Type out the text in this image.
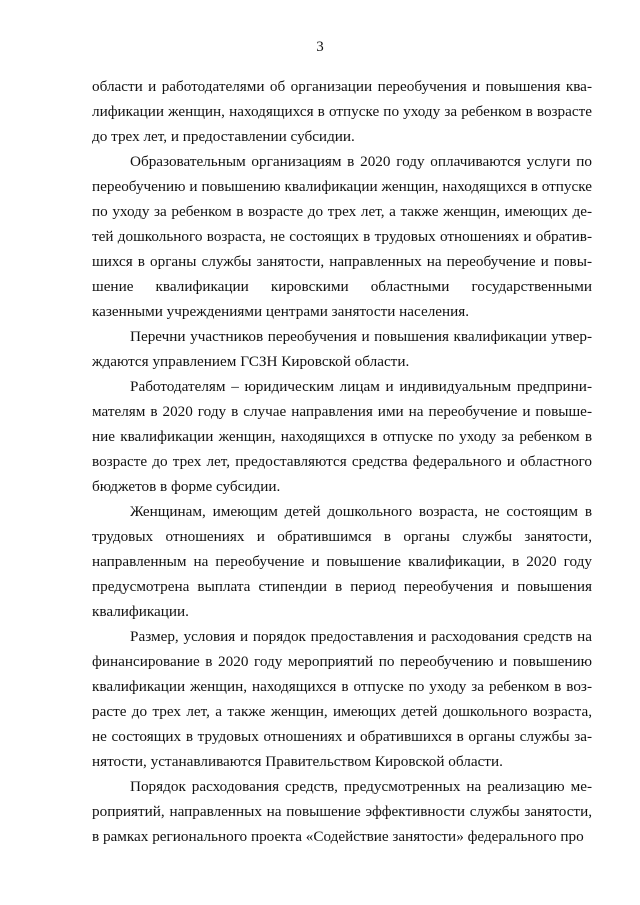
3

области и работодателями об организации переобучения и повышения квалификации женщин, находящихся в отпуске по уходу за ребенком в возрасте до трех лет, и предоставлении субсидии.

Образовательным организациям в 2020 году оплачиваются услуги по переобучению и повышению квалификации женщин, находящихся в отпуске по уходу за ребенком в возрасте до трех лет, а также женщин, имеющих детей дошкольного возраста, не состоящих в трудовых отношениях и обратившихся в органы службы занятости, направленных на переобучение и повышение квалификации кировскими областными государственными казенными учреждениями центрами занятости населения.

Перечни участников переобучения и повышения квалификации утверждаются управлением ГСЗН Кировской области.

Работодателям – юридическим лицам и индивидуальным предпринимателям в 2020 году в случае направления ими на переобучение и повышение квалификации женщин, находящихся в отпуске по уходу за ребенком в возрасте до трех лет, предоставляются средства федерального и областного бюджетов в форме субсидии.

Женщинам, имеющим детей дошкольного возраста, не состоящим в трудовых отношениях и обратившимся в органы службы занятости, направленным на переобучение и повышение квалификации, в 2020 году предусмотрена выплата стипендии в период переобучения и повышения квалификации.

Размер, условия и порядок предоставления и расходования средств на финансирование в 2020 году мероприятий по переобучению и повышению квалификации женщин, находящихся в отпуске по уходу за ребенком в возрасте до трех лет, а также женщин, имеющих детей дошкольного возраста, не состоящих в трудовых отношениях и обратившихся в органы службы занятости, устанавливаются Правительством Кировской области.

Порядок расходования средств, предусмотренных на реализацию мероприятий, направленных на повышение эффективности службы занятости, в рамках регионального проекта «Содействие занятости» федерального про
